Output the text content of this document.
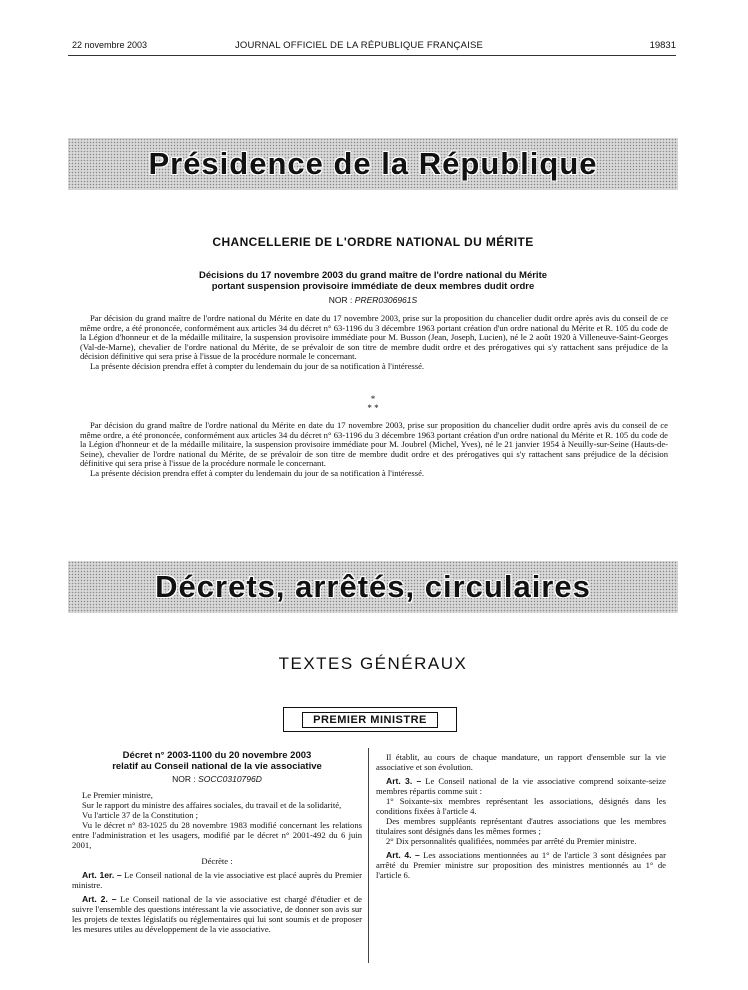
22 novembre 2003	JOURNAL OFFICIEL DE LA RÉPUBLIQUE FRANÇAISE	19831
Présidence de la République
CHANCELLERIE DE L'ORDRE NATIONAL DU MÉRITE
Décisions du 17 novembre 2003 du grand maître de l'ordre national du Mérite
portant suspension provisoire immédiate de deux membres dudit ordre
NOR : PRER0306961S

Par décision du grand maître de l'ordre national du Mérite en date du 17 novembre 2003, prise sur la proposition du chancelier dudit ordre après avis du conseil de ce même ordre, a été prononcée, conformément aux articles 34 du décret n° 63-1196 du 3 décembre 1963 portant création d'un ordre national du Mérite et R. 105 du code de la Légion d'honneur et de la médaille militaire, la suspension provisoire immédiate pour M. Busson (Jean, Joseph, Lucien), né le 2 août 1920 à Villeneuve-Saint-Georges (Val-de-Marne), chevalier de l'ordre national du Mérite, de se prévaloir de son titre de membre dudit ordre et des prérogatives qui s'y rattachent sans préjudice de la décision définitive qui sera prise à l'issue de la procédure normale le concernant.

La présente décision prendra effet à compter du lendemain du jour de sa notification à l'intéressé.

*
* *

Par décision du grand maître de l'ordre national du Mérite en date du 17 novembre 2003, prise sur proposition du chancelier dudit ordre après avis du conseil de ce même ordre, a été prononcée, conformément aux articles 34 du décret n° 63-1196 du 3 décembre 1963 portant création d'un ordre national du Mérite et R. 105 du code de la Légion d'honneur et de la médaille militaire, la suspension provisoire immédiate pour M. Joubrel (Michel, Yves), né le 21 janvier 1954 à Neuilly-sur-Seine (Hauts-de-Seine), chevalier de l'ordre national du Mérite, de se prévaloir de son titre de membre dudit ordre et des prérogatives qui s'y rattachent sans préjudice de la décision définitive qui sera prise à l'issue de la procédure normale le concernant.

La présente décision prendra effet à compter du lendemain du jour de sa notification à l'intéressé.

Décrets, arrêtés, circulaires
TEXTES GÉNÉRAUX
PREMIER MINISTRE
Décret n° 2003-1100 du 20 novembre 2003
relatif au Conseil national de la vie associative
NOR : SOCC0310796D

Le Premier ministre,

Sur le rapport du ministre des affaires sociales, du travail et de la solidarité,

Vu l'article 37 de la Constitution ;

Vu le décret n° 83-1025 du 28 novembre 1983 modifié concernant les relations entre l'administration et les usagers, modifié par le décret n° 2001-492 du 6 juin 2001,

Décrète :

Art. 1er. – Le Conseil national de la vie associative est placé auprès du Premier ministre.

Art. 2. – Le Conseil national de la vie associative est chargé d'étudier et de suivre l'ensemble des questions intéressant la vie associative, de donner son avis sur les projets de textes législatifs ou réglementaires qui lui sont soumis et de proposer les mesures utiles au développement de la vie associative.

Il établit, au cours de chaque mandature, un rapport d'ensemble sur la vie associative et son évolution.

Art. 3. – Le Conseil national de la vie associative comprend soixante-seize membres répartis comme suit :

1° Soixante-six membres représentant les associations, désignés dans les conditions fixées à l'article 4.

Des membres suppléants représentant d'autres associations que les membres titulaires sont désignés dans les mêmes formes ;

2° Dix personnalités qualifiées, nommées par arrêté du Premier ministre.

Art. 4. – Les associations mentionnées au 1° de l'article 3 sont désignées par arrêté du Premier ministre sur proposition des ministres mentionnés au 1° de l'article 6.
